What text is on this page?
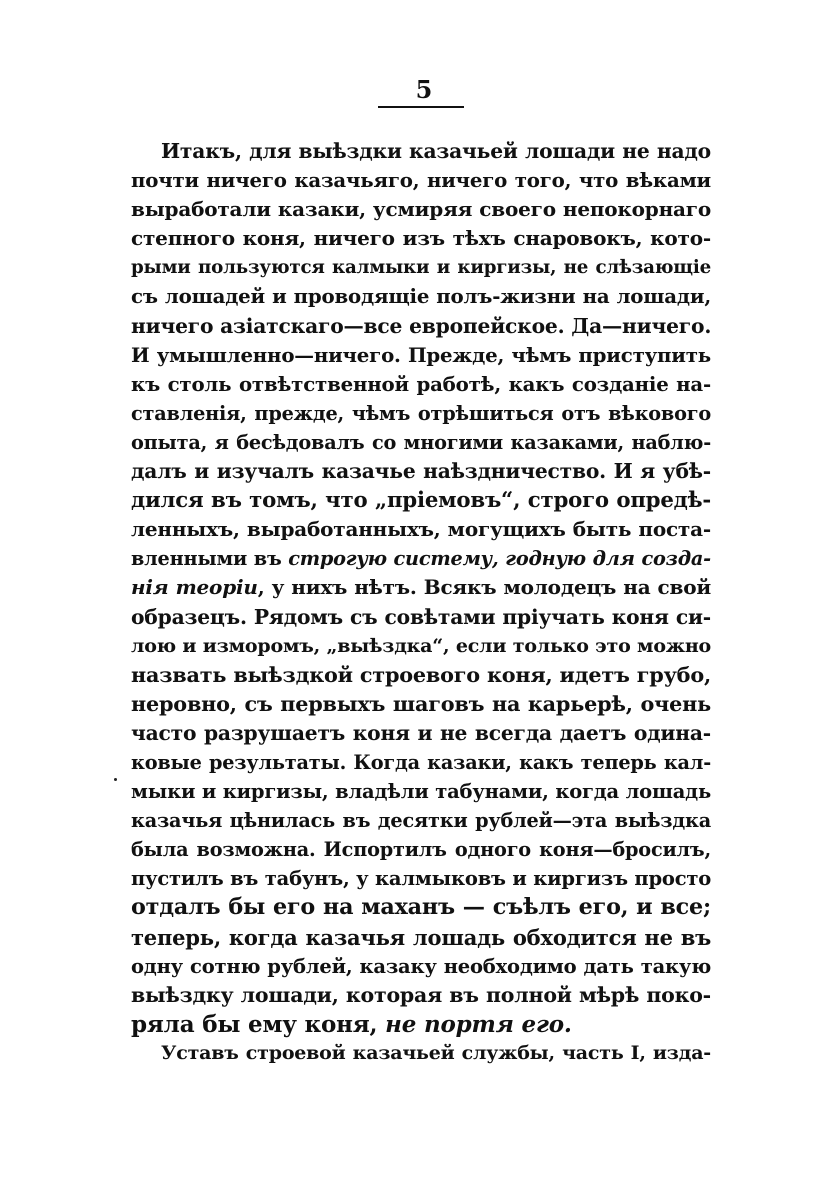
5
Итакъ, для выѣздки казачьей лошади не надо
почти ничего казачьяго, ничего того, что вѣками
выработали казаки, усмиряя своего непокорнаго
степного коня, ничего изъ тѣхъ снаровокъ, кото-
рыми пользуются калмыки и киргизы, не слѣзающіе
съ лошадей и проводящіе полъ-жизни на лошади,
ничего азіатскаго—все европейское. Да—ничего.
И умышленно—ничего. Прежде, чѣмъ приступить
къ столь отвѣтственной работѣ, какъ созданіе на-
ставленія, прежде, чѣмъ отрѣшиться отъ вѣкового
опыта, я бесѣдовалъ со многими казаками, наблю-
далъ и изучалъ казачье наѣздничество. И я убѣ-
дился въ томъ, что „пріемовъ“, строго опредѣ-
ленныхъ, выработанныхъ, могущихъ быть поста-
вленными въ строгую систему, годную для созда-
нія теоріи, у нихъ нѣтъ. Всякъ молодецъ на свой
образецъ. Рядомъ съ совѣтами пріучать коня си-
лою и изморомъ, „выѣздка“, если только это можно
назвать выѣздкой строевого коня, идетъ грубо,
неровно, съ первыхъ шаговъ на карьерѣ, очень
часто разрушаетъ коня и не всегда даетъ одина-
ковые результаты. Когда казаки, какъ теперь кал-
мыки и киргизы, владѣли табунами, когда лошадь
казачья цѣнилась въ десятки рублей—эта выѣздка
была возможна. Испортилъ одного коня—бросилъ,
пустилъ въ табунъ, у калмыковъ и киргизъ просто
отдалъ бы его на маханъ — съѣлъ его, и все;
теперь, когда казачья лошадь обходится не въ
одну сотню рублей, казаку необходимо дать такую
выѣздку лошади, которая въ полной мѣрѣ поко-
ряла бы ему коня, не портя его.
Уставъ строевой казачьей службы, часть I, изда-
